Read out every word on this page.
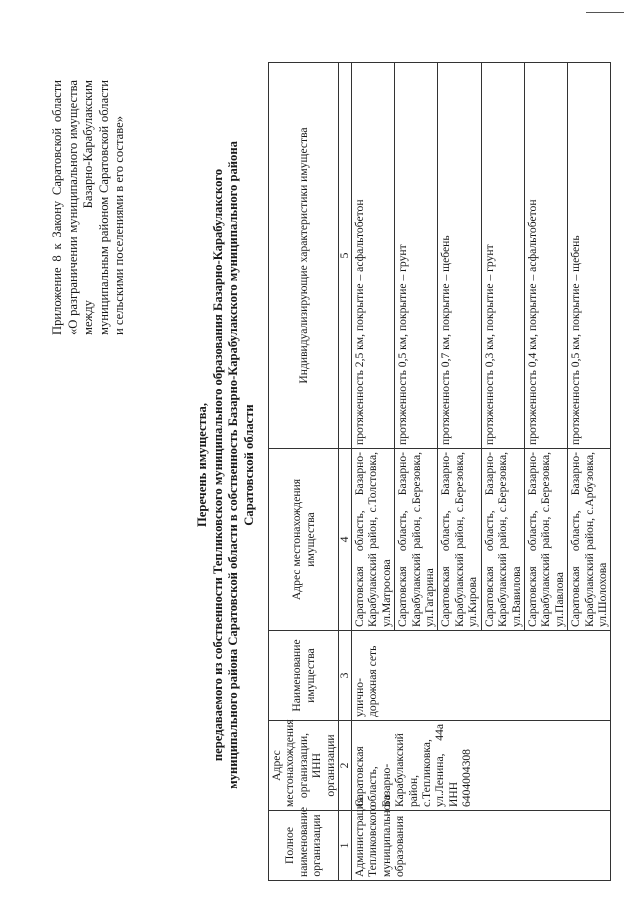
Приложение 8 к Закону Саратовской области «О разграничении муниципального имущества между Базарно-Карабулакским муниципальным районом Саратовской области и сельскими поселениями в его составе»
Перечень имущества, передаваемого из собственности Тепликовского муниципального образования Базарно-Карабулакского муниципального района Саратовской области в собственность Базарно-Карабулакского муниципального района Саратовской области
Полное наименование организации	Адрес местонахождения организации, ИНН организации	Наименование имущества	Адрес местонахождения имущества	Индивидуализирующие характеристики имущества
1	2	3	4	5
Администрация Тепликовского муниципального образования	Саратовская область, Базарно-Карабулакский район, с.Тепликовка, ул.Ленина, 44а ИНН 6404004308	улично-дорожная сеть	Саратовская область, Базарно-Карабулакский район, с.Толстовка, ул.Матросова	протяженность 2,5 км, покрытие – асфальтобетон
			Саратовская область, Базарно-Карабулакский район, с.Березовка, ул.Гагарина	протяженность 0,5 км, покрытие – грунт
			Саратовская область, Базарно-Карабулакский район, с.Березовка, ул.Кирова	протяженность 0,7 км, покрытие – щебень
			Саратовская область, Базарно-Карабулакский район, с.Березовка, ул.Вавилова	протяженность 0,3 км, покрытие – грунт
			Саратовская область, Базарно-Карабулакский район, с.Березовка, ул.Павлова	протяженность 0,4 км, покрытие – асфальтобетон
			Саратовская область, Базарно-Карабулакский район, с.Арбузовка, ул.Шолохова	протяженность 0,5 км, покрытие – щебень
